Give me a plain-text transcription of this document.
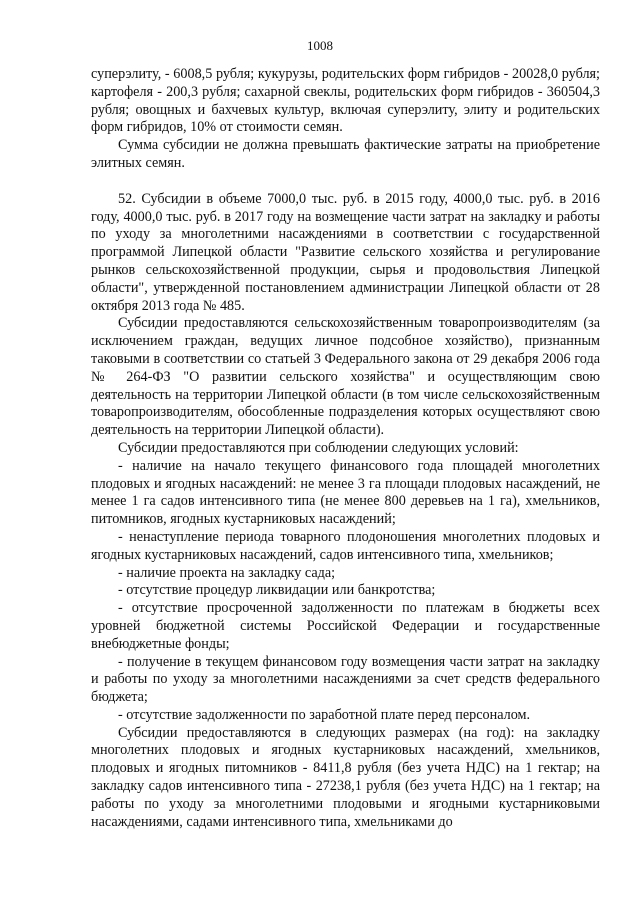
1008

суперэлиту, - 6008,5 рубля; кукурузы, родительских форм гибридов - 20028,0 рубля; картофеля - 200,3 рубля; сахарной свеклы, родительских форм гибридов - 360504,3 рубля; овощных и бахчевых культур, включая суперэлиту, элиту и родительских форм гибридов, 10% от стоимости семян.

Сумма субсидии не должна превышать фактические затраты на приобретение элитных семян.

52. Субсидии в объеме 7000,0 тыс. руб. в 2015 году, 4000,0 тыс. руб. в 2016 году, 4000,0 тыс. руб. в 2017 году на возмещение части затрат на закладку и работы по уходу за многолетними насаждениями в соответствии с государственной программой Липецкой области "Развитие сельского хозяйства и регулирование рынков сельскохозяйственной продукции, сырья и продовольствия Липецкой области", утвержденной постановлением администрации Липецкой области от 28 октября 2013 года № 485.

Субсидии предоставляются сельскохозяйственным товаропроизводителям (за исключением граждан, ведущих личное подсобное хозяйство), признанным таковыми в соответствии со статьей 3 Федерального закона от 29 декабря 2006 года № 264-ФЗ "О развитии сельского хозяйства" и осуществляющим свою деятельность на территории Липецкой области (в том числе сельскохозяйственным товаропроизводителям, обособленные подразделения которых осуществляют свою деятельность на территории Липецкой области).

Субсидии предоставляются при соблюдении следующих условий:

- наличие на начало текущего финансового года площадей многолетних плодовых и ягодных насаждений: не менее 3 га площади плодовых насаждений, не менее 1 га садов интенсивного типа (не менее 800 деревьев на 1 га), хмельников, питомников, ягодных кустарниковых насаждений;

- ненаступление периода товарного плодоношения многолетних плодовых и ягодных кустарниковых насаждений, садов интенсивного типа, хмельников;

- наличие проекта на закладку сада;

- отсутствие процедур ликвидации или банкротства;

- отсутствие просроченной задолженности по платежам в бюджеты всех уровней бюджетной системы Российской Федерации и государственные внебюджетные фонды;

- получение в текущем финансовом году возмещения части затрат на закладку и работы по уходу за многолетними насаждениями за счет средств федерального бюджета;

- отсутствие задолженности по заработной плате перед персоналом.

Субсидии предоставляются в следующих размерах (на год): на закладку многолетних плодовых и ягодных кустарниковых насаждений, хмельников, плодовых и ягодных питомников - 8411,8 рубля (без учета НДС) на 1 гектар; на закладку садов интенсивного типа - 27238,1 рубля (без учета НДС) на 1 гектар; на работы по уходу за многолетними плодовыми и ягодными кустарниковыми насаждениями, садами интенсивного типа, хмельниками до
